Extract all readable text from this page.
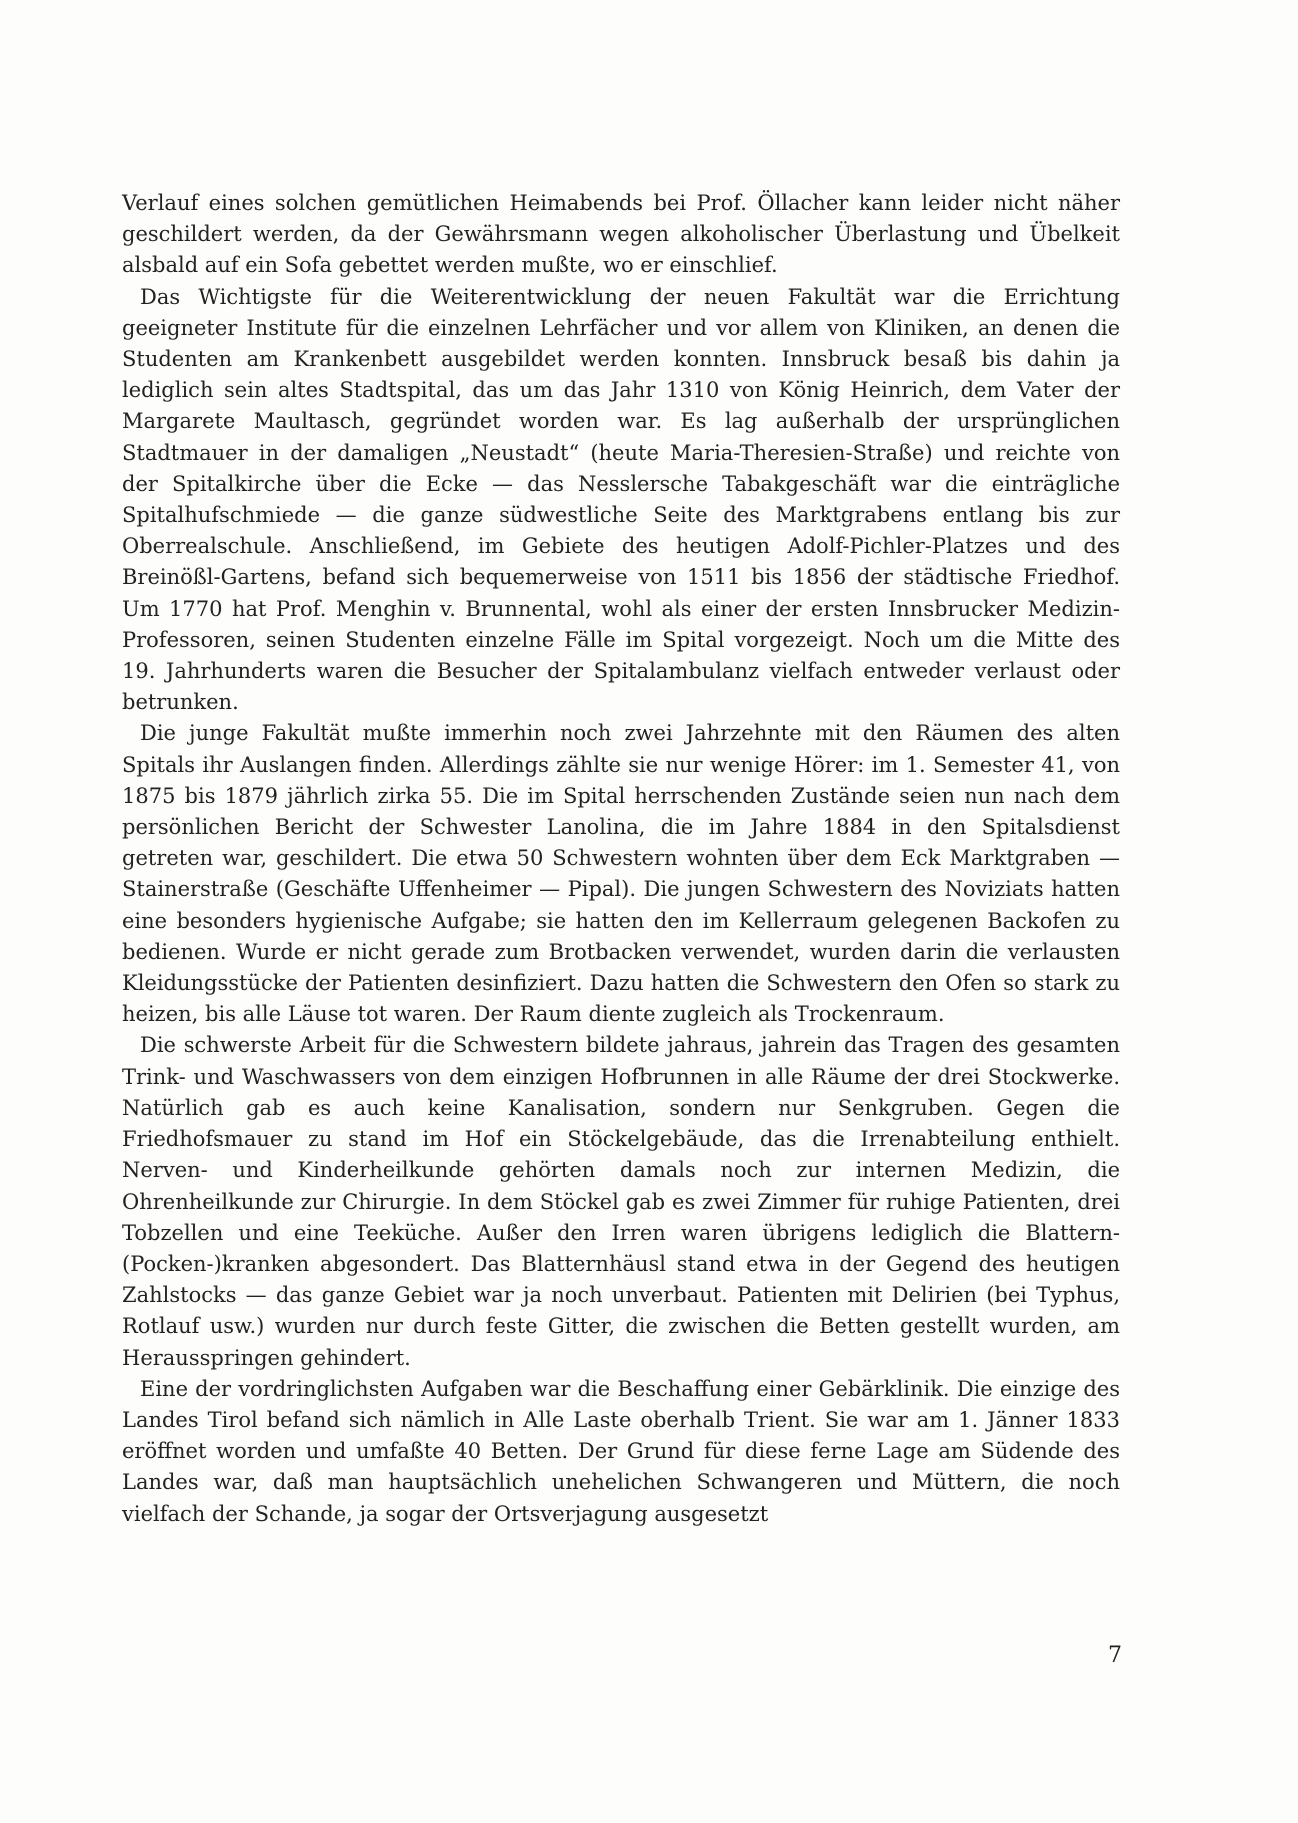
Verlauf eines solchen gemütlichen Heimabends bei Prof. Öllacher kann leider nicht näher geschildert werden, da der Gewährsmann wegen alkoholischer Überlastung und Übelkeit alsbald auf ein Sofa gebettet werden mußte, wo er einschlief.

Das Wichtigste für die Weiterentwicklung der neuen Fakultät war die Errichtung geeigneter Institute für die einzelnen Lehrfächer und vor allem von Kliniken, an denen die Studenten am Krankenbett ausgebildet werden konnten. Innsbruck besaß bis dahin ja lediglich sein altes Stadtspital, das um das Jahr 1310 von König Heinrich, dem Vater der Margarete Maultasch, gegründet worden war. Es lag außerhalb der ursprünglichen Stadtmauer in der damaligen „Neustadt“ (heute Maria-Theresien-Straße) und reichte von der Spitalkirche über die Ecke — das Nesslersche Tabakgeschäft war die einträgliche Spitalhufschmiede — die ganze südwestliche Seite des Marktgrabens entlang bis zur Oberrealschule. Anschließend, im Gebiete des heutigen Adolf-Pichler-Platzes und des Breinößl-Gartens, befand sich bequemerweise von 1511 bis 1856 der städtische Friedhof. Um 1770 hat Prof. Menghin v. Brunnental, wohl als einer der ersten Innsbrucker Medizin-Professoren, seinen Studenten einzelne Fälle im Spital vorgezeigt. Noch um die Mitte des 19. Jahrhunderts waren die Besucher der Spitalambulanz vielfach entweder verlaust oder betrunken.

Die junge Fakultät mußte immerhin noch zwei Jahrzehnte mit den Räumen des alten Spitals ihr Auslangen finden. Allerdings zählte sie nur wenige Hörer: im 1. Semester 41, von 1875 bis 1879 jährlich zirka 55. Die im Spital herrschenden Zustände seien nun nach dem persönlichen Bericht der Schwester Lanolina, die im Jahre 1884 in den Spitalsdienst getreten war, geschildert. Die etwa 50 Schwestern wohnten über dem Eck Marktgraben — Stainerstraße (Geschäfte Uffenheimer — Pipal). Die jungen Schwestern des Noviziats hatten eine besonders hygienische Aufgabe; sie hatten den im Kellerraum gelegenen Backofen zu bedienen. Wurde er nicht gerade zum Brotbacken verwendet, wurden darin die verlausten Kleidungsstücke der Patienten desinfiziert. Dazu hatten die Schwestern den Ofen so stark zu heizen, bis alle Läuse tot waren. Der Raum diente zugleich als Trockenraum.

Die schwerste Arbeit für die Schwestern bildete jahraus, jahrein das Tragen des gesamten Trink- und Waschwassers von dem einzigen Hofbrunnen in alle Räume der drei Stockwerke. Natürlich gab es auch keine Kanalisation, sondern nur Senkgruben. Gegen die Friedhofsmauer zu stand im Hof ein Stöckelgebäude, das die Irrenabteilung enthielt. Nerven- und Kinderheilkunde gehörten damals noch zur internen Medizin, die Ohrenheilkunde zur Chirurgie. In dem Stöckel gab es zwei Zimmer für ruhige Patienten, drei Tobzellen und eine Teeküche. Außer den Irren waren übrigens lediglich die Blattern-(Pocken-)kranken abgesondert. Das Blatternhäusl stand etwa in der Gegend des heutigen Zahlstocks — das ganze Gebiet war ja noch unverbaut. Patienten mit Delirien (bei Typhus, Rotlauf usw.) wurden nur durch feste Gitter, die zwischen die Betten gestellt wurden, am Herausspringen gehindert.

Eine der vordringlichsten Aufgaben war die Beschaffung einer Gebärklinik. Die einzige des Landes Tirol befand sich nämlich in Alle Laste oberhalb Trient. Sie war am 1. Jänner 1833 eröffnet worden und umfaßte 40 Betten. Der Grund für diese ferne Lage am Südende des Landes war, daß man hauptsächlich unehelichen Schwangeren und Müttern, die noch vielfach der Schande, ja sogar der Ortsverjagung ausgesetzt

7
